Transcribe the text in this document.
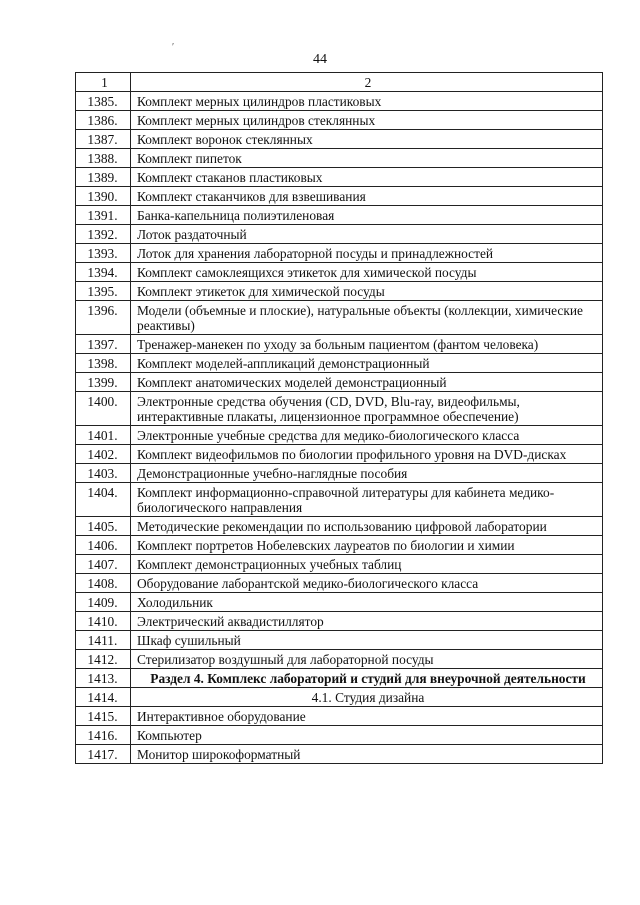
44
ʹ
1	2
1385.	Комплект мерных цилиндров пластиковых
1386.	Комплект мерных цилиндров стеклянных
1387.	Комплект воронок стеклянных
1388.	Комплект пипеток
1389.	Комплект стаканов пластиковых
1390.	Комплект стаканчиков для взвешивания
1391.	Банка-капельница полиэтиленовая
1392.	Лоток раздаточный
1393.	Лоток для хранения лабораторной посуды и принадлежностей
1394.	Комплект самоклеящихся этикеток для химической посуды
1395.	Комплект этикеток для химической посуды
1396.	Модели (объемные и плоские), натуральные объекты (коллекции, химические реактивы)
1397.	Тренажер-манекен по уходу за больным пациентом (фантом человека)
1398.	Комплект моделей-аппликаций демонстрационный
1399.	Комплект анатомических моделей демонстрационный
1400.	Электронные средства обучения (CD, DVD, Blu-ray, видеофильмы, интерактивные плакаты, лицензионное программное обеспечение)
1401.	Электронные учебные средства для медико-биологического класса
1402.	Комплект видеофильмов по биологии профильного уровня на DVD-дисках
1403.	Демонстрационные учебно-наглядные пособия
1404.	Комплект информационно-справочной литературы для кабинета медико-биологического направления
1405.	Методические рекомендации по использованию цифровой лаборатории
1406.	Комплект портретов Нобелевских лауреатов по биологии и химии
1407.	Комплект демонстрационных учебных таблиц
1408.	Оборудование лаборантской медико-биологического класса
1409.	Холодильник
1410.	Электрический аквадистиллятор
1411.	Шкаф сушильный
1412.	Стерилизатор воздушный для лабораторной посуды
1413.	Раздел 4. Комплекс лабораторий и студий для внеурочной деятельности
1414.	4.1. Студия дизайна
1415.	Интерактивное оборудование
1416.	Компьютер
1417.	Монитор широкоформатный
